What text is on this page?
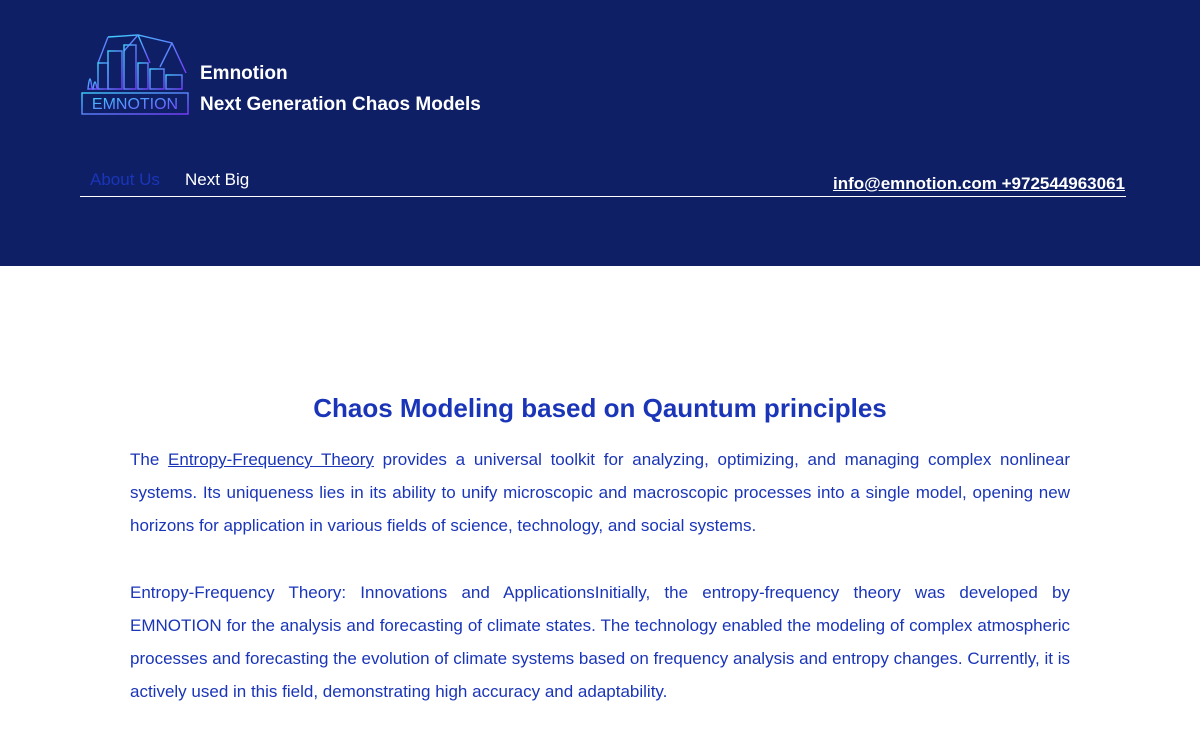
EMNOTION
Emnotion
Next Generation Chaos Models
About Us Next Big	info@emnotion.com +972544963061
Chaos Modeling based on Qauntum principles

The Entropy-Frequency Theory provides a universal toolkit for analyzing, optimizing, and managing complex nonlinear systems. Its uniqueness lies in its ability to unify microscopic and macroscopic processes into a single model, opening new horizons for application in various fields of science, technology, and social systems.

Entropy-Frequency Theory: Innovations and ApplicationsInitially, the entropy-frequency theory was developed by EMNOTION for the analysis and forecasting of climate states. The technology enabled the modeling of complex atmospheric processes and forecasting the evolution of climate systems based on frequency analysis and entropy changes. Currently, it is actively used in this field, demonstrating high accuracy and adaptability.
